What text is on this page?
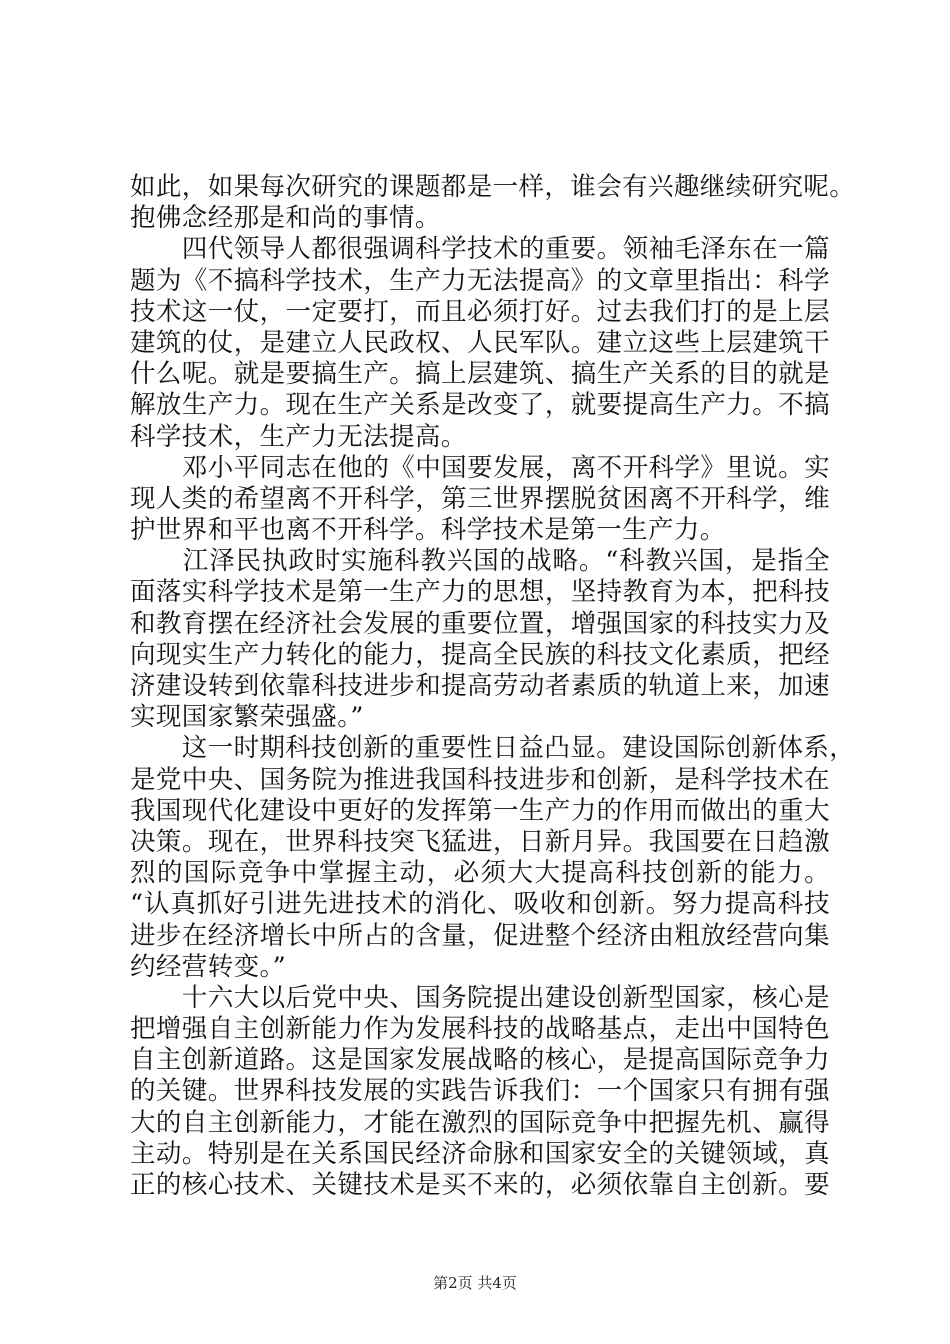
如此，如果每次研究的课题都是一样，谁会有兴趣继续研究呢。
抱佛念经那是和尚的事情。
　　四代领导人都很强调科学技术的重要。领袖毛泽东在一篇
题为《不搞科学技术，生产力无法提高》的文章里指出：科学
技术这一仗，一定要打，而且必须打好。过去我们打的是上层
建筑的仗，是建立人民政权、人民军队。建立这些上层建筑干
什么呢。就是要搞生产。搞上层建筑、搞生产关系的目的就是
解放生产力。现在生产关系是改变了，就要提高生产力。不搞
科学技术，生产力无法提高。
　　邓小平同志在他的《中国要发展，离不开科学》里说。实
现人类的希望离不开科学，第三世界摆脱贫困离不开科学，维
护世界和平也离不开科学。科学技术是第一生产力。
　　江泽民执政时实施科教兴国的战略。“科教兴国，是指全
面落实科学技术是第一生产力的思想，坚持教育为本，把科技
和教育摆在经济社会发展的重要位置，增强国家的科技实力及
向现实生产力转化的能力，提高全民族的科技文化素质，把经
济建设转到依靠科技进步和提高劳动者素质的轨道上来，加速
实现国家繁荣强盛。”
　　这一时期科技创新的重要性日益凸显。建设国际创新体系，
是党中央、国务院为推进我国科技进步和创新，是科学技术在
我国现代化建设中更好的发挥第一生产力的作用而做出的重大
决策。现在，世界科技突飞猛进，日新月异。我国要在日趋激
烈的国际竞争中掌握主动，必须大大提高科技创新的能力。
“认真抓好引进先进技术的消化、吸收和创新。努力提高科技
进步在经济增长中所占的含量，促进整个经济由粗放经营向集
约经营转变。”
　　十六大以后党中央、国务院提出建设创新型国家，核心是
把增强自主创新能力作为发展科技的战略基点，走出中国特色
自主创新道路。这是国家发展战略的核心，是提高国际竞争力
的关键。世界科技发展的实践告诉我们：一个国家只有拥有强
大的自主创新能力，才能在激烈的国际竞争中把握先机、赢得
主动。特别是在关系国民经济命脉和国家安全的关键领域，真
正的核心技术、关键技术是买不来的，必须依靠自主创新。要
第2页 共4页
